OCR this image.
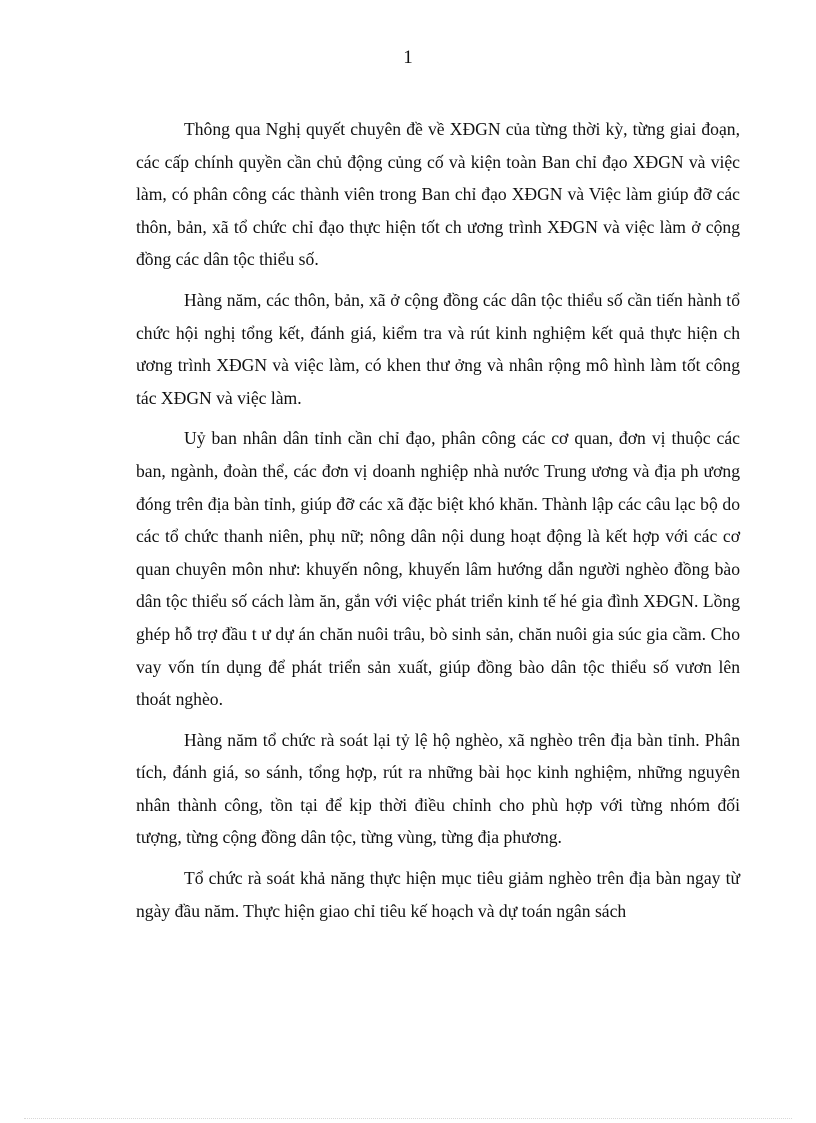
1

Thông qua Nghị quyết chuyên đề về XĐGN của từng thời kỳ, từng giai đoạn, các cấp chính quyền cần chủ động củng cố và kiện toàn Ban chỉ đạo XĐGN và việc làm, có phân công các thành viên trong Ban chỉ đạo XĐGN và Việc làm giúp đỡ các thôn, bản, xã tổ chức chỉ đạo thực hiện tốt ch ương trình XĐGN và việc làm ở cộng đồng các dân tộc thiểu số.

Hàng năm, các thôn, bản, xã ở cộng đồng các dân tộc thiểu số cần tiến hành tổ chức hội nghị tổng kết, đánh giá, kiểm tra và rút kinh nghiệm kết quả thực hiện ch ương trình XĐGN và việc làm, có khen thư ởng và nhân rộng mô hình làm tốt công tác XĐGN và việc làm.

Uỷ ban nhân dân tỉnh cần chỉ đạo, phân công các cơ quan, đơn vị thuộc các ban, ngành, đoàn thể, các đơn vị doanh nghiệp nhà nước Trung ương và địa ph ương đóng trên địa bàn tỉnh, giúp đỡ các xã đặc biệt khó khăn. Thành lập các câu lạc bộ do các tổ chức thanh niên, phụ nữ; nông dân nội dung hoạt động là kết hợp với các cơ quan chuyên môn như: khuyến nông, khuyến lâm hướng dẫn người nghèo đồng bào dân tộc thiểu số cách làm ăn, gắn với việc phát triển kinh tế hé gia đình XĐGN. Lồng ghép hỗ trợ đầu t ư dự án chăn nuôi trâu, bò sinh sản, chăn nuôi gia súc gia cầm. Cho vay vốn tín dụng để phát triển sản xuất, giúp đồng bào dân tộc thiểu số vươn lên thoát nghèo.

Hàng năm tổ chức rà soát lại tỷ lệ hộ nghèo, xã nghèo trên địa bàn tỉnh. Phân tích, đánh giá, so sánh, tổng hợp, rút ra những bài học kinh nghiệm, những nguyên nhân thành công, tồn tại để kịp thời điều chỉnh cho phù hợp với từng nhóm đối tượng, từng cộng đồng dân tộc, từng vùng, từng địa phương.

Tổ chức rà soát khả năng thực hiện mục tiêu giảm nghèo trên địa bàn ngay từ ngày đầu năm. Thực hiện giao chỉ tiêu kế hoạch và dự toán ngân sách
